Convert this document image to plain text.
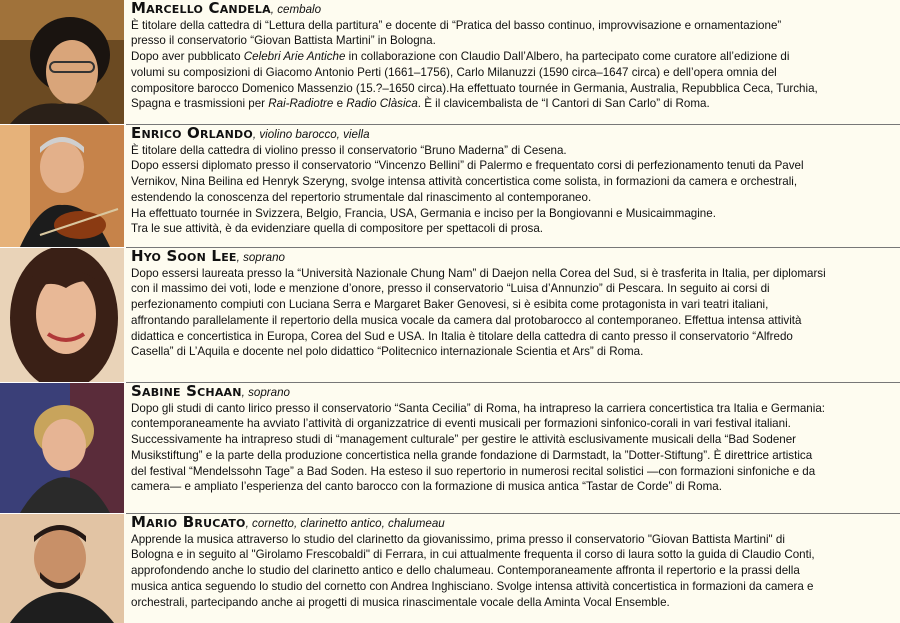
Marcello Candela, cembalo

È titolare della cattedra di “Lettura della partitura” e docente di “Pratica del basso continuo, improvvisazione e ornamentazione”

presso il conservatorio “Giovan Battista Martini” in Bologna.

Dopo aver pubblicato Celebri Arie Antiche in collaborazione con Claudio Dall’Albero, ha partecipato come curatore all’edizione di

volumi su composizioni di Giacomo Antonio Perti (1661–1756), Carlo Milanuzzi (1590 circa–1647 circa) e dell’opera omnia del

compositore barocco Domenico Massenzio (15.?–1650 circa).Ha effettuato tournée in Germania, Australia, Repubblica Ceca, Turchia,

Spagna e trasmissioni per Rai-Radiotre e Radio Clàsica. È il clavicembalista de “I Cantori di San Carlo” di Roma.

Enrico Orlando, violino barocco, viella

È titolare della cattedra di violino presso il conservatorio “Bruno Maderna” di Cesena.

Dopo essersi diplomato presso il conservatorio “Vincenzo Bellini” di Palermo e frequentato corsi di perfezionamento tenuti da Pavel

Vernikov, Nina Beilina ed Henryk Szeryng, svolge intensa attività concertistica come solista, in formazioni da camera e orchestrali,

estendendo la conoscenza del repertorio strumentale dal rinascimento al contemporaneo.

Ha effettuato tournée in Svizzera, Belgio, Francia, USA, Germania e inciso per la Bongiovanni e Musicaimmagine.

Tra le sue attività, è da evidenziare quella di compositore per spettacoli di prosa.

Hyo Soon Lee, soprano

Dopo essersi laureata presso la “Università Nazionale Chung Nam” di Daejon nella Corea del Sud, si è trasferita in Italia, per diplomarsi

con il massimo dei voti, lode e menzione d’onore, presso il conservatorio “Luisa d’Annunzio” di Pescara. In seguito ai corsi di

perfezionamento compiuti con Luciana Serra e Margaret Baker Genovesi, si è esibita come protagonista in vari teatri italiani,

affrontando parallelamente il repertorio della musica vocale da camera dal protobarocco al contemporaneo. Effettua intensa attività

didattica e concertistica in Europa, Corea del Sud e USA. In Italia è titolare della cattedra di canto presso il conservatorio “Alfredo

Casella” di L’Aquila e docente nel polo didattico “Politecnico internazionale Scientia et Ars” di Roma.

Sabine Schaan, soprano

Dopo gli studi di canto lirico presso il conservatorio “Santa Cecilia” di Roma, ha intrapreso la carriera concertistica tra Italia e Germania:

contemporaneamente ha avviato l’attività di organizzatrice di eventi musicali per formazioni sinfonico-corali in vari festival italiani.

Successivamente ha intrapreso studi di “management culturale” per gestire le attività esclusivamente musicali della “Bad Sodener

Musikstiftung” e la parte della produzione concertistica nella grande fondazione di Darmstadt, la ”Dotter-Stiftung”. È direttrice artistica

del festival “Mendelssohn Tage” a Bad Soden. Ha esteso il suo repertorio in numerosi recital solistici —con formazioni sinfoniche e da

camera— e ampliato l’esperienza del canto barocco con la formazione di musica antica “Tastar de Corde” di Roma.

Mario Brucato, cornetto, clarinetto antico, chalumeau

Apprende la musica attraverso lo studio del clarinetto da giovanissimo, prima presso il conservatorio "Giovan Battista Martini" di

Bologna e in seguito al "Girolamo Frescobaldi" di Ferrara, in cui attualmente frequenta il corso di laura sotto la guida di Claudio Conti,

approfondendo anche lo studio del clarinetto antico e dello chalumeau. Contemporaneamente affronta il repertorio e la prassi della

musica antica seguendo lo studio del cornetto con Andrea Inghisciano. Svolge intensa attività concertistica in formazioni da camera e

orchestrali, partecipando anche ai progetti di musica rinascimentale vocale della Aminta Vocal Ensemble.
